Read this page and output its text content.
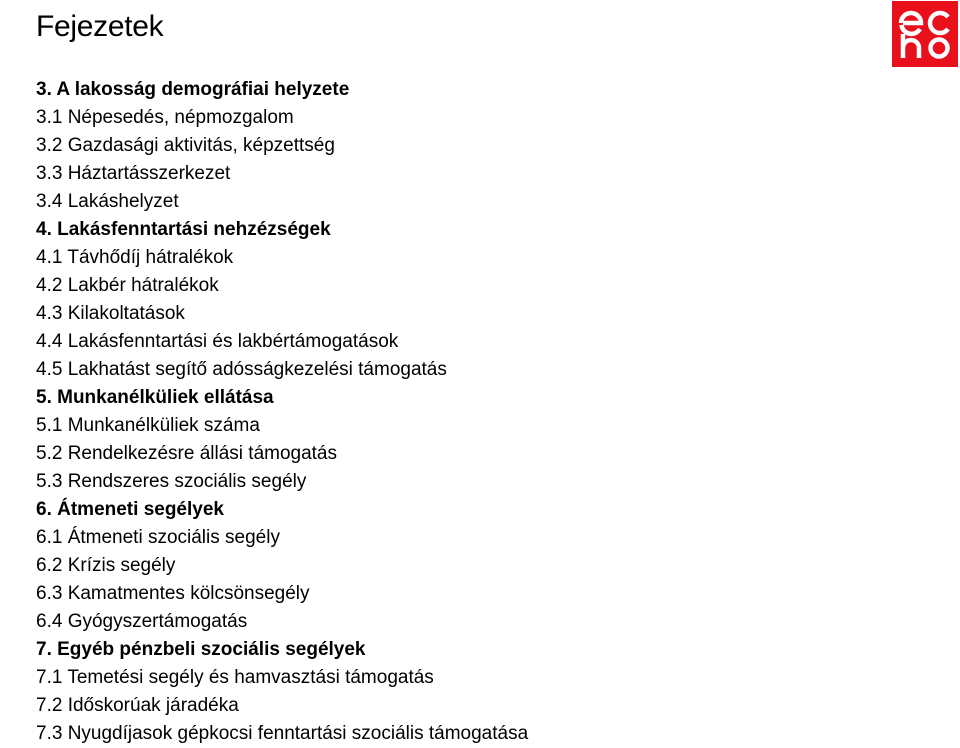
Fejezetek
3. A lakosság demográfiai helyzete
3.1 Népesedés, népmozgalom
3.2 Gazdasági aktivitás, képzettség
3.3 Háztartásszerkezet
3.4 Lakáshelyzet
4. Lakásfenntartási nehzézségek
4.1 Távhődíj hátralékok
4.2 Lakbér hátralékok
4.3 Kilakoltatások
4.4 Lakásfenntartási és lakbértámogatások
4.5 Lakhatást segítő adósságkezelési támogatás
5. Munkanélküliek ellátása
5.1 Munkanélküliek száma
5.2 Rendelkezésre állási támogatás
5.3 Rendszeres szociális segély
6. Átmeneti segélyek
6.1 Átmeneti szociális segély
6.2 Krízis segély
6.3 Kamatmentes kölcsönsegély
6.4 Gyógyszertámogatás
7. Egyéb pénzbeli szociális segélyek
7.1 Temetési segély és hamvasztási támogatás
7.2 Időskorúak járadéka
7.3 Nyugdíjasok gépkocsi fenntartási szociális támogatása
